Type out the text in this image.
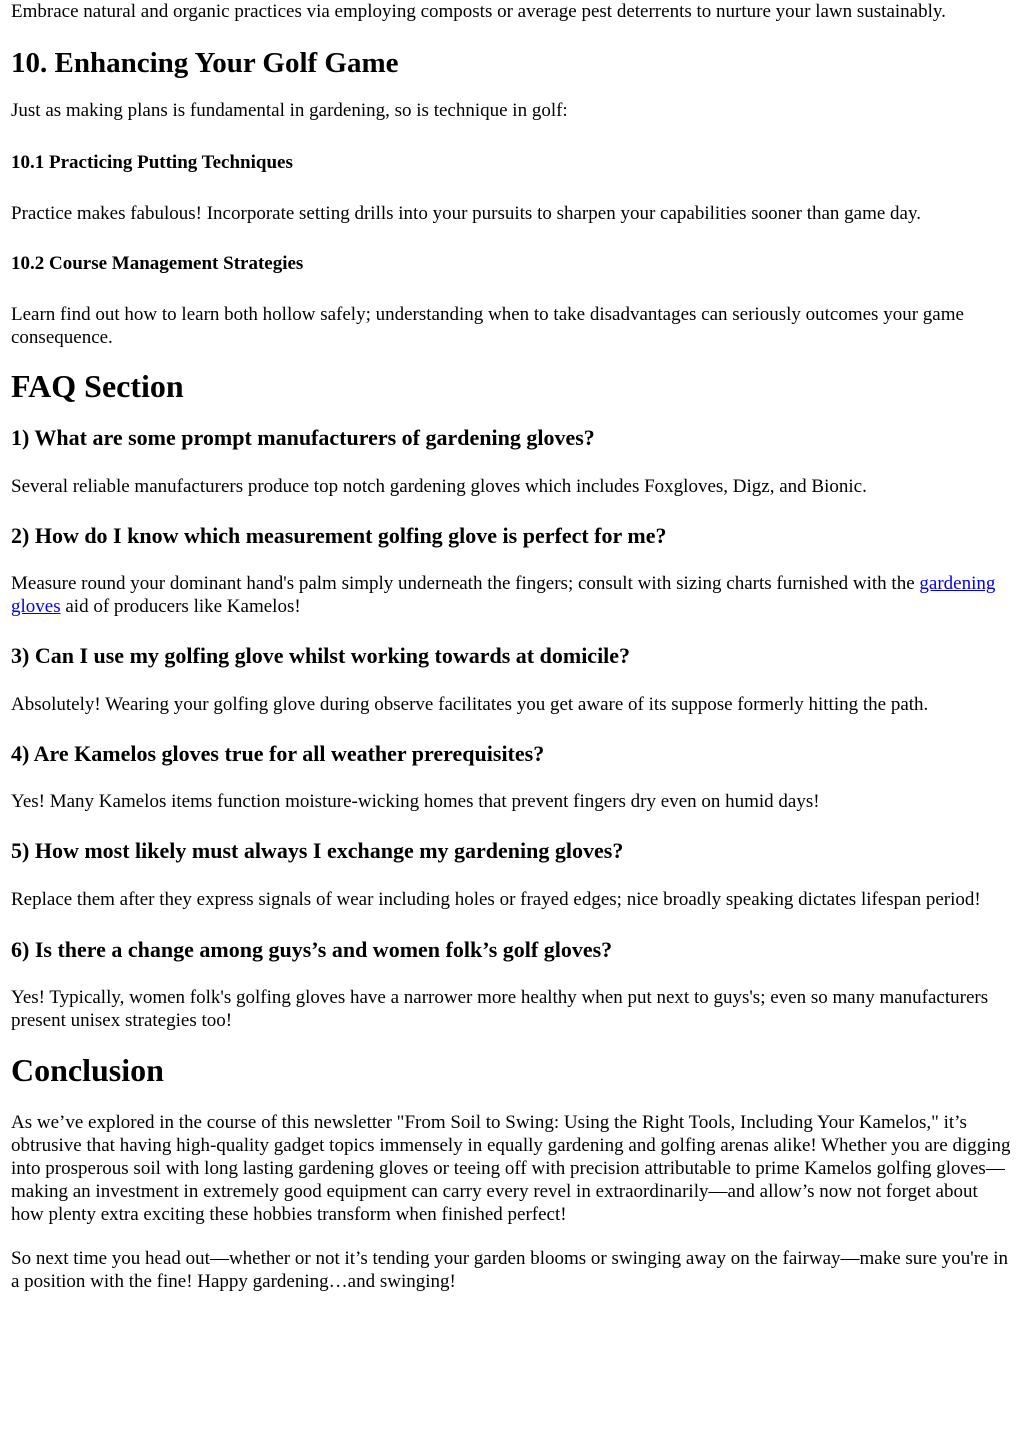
Embrace natural and organic practices via employing composts or average pest deterrents to nurture your lawn sustainably.

10. Enhancing Your Golf Game

Just as making plans is fundamental in gardening, so is technique in golf:

10.1 Practicing Putting Techniques

Practice makes fabulous! Incorporate setting drills into your pursuits to sharpen your capabilities sooner than game day.

10.2 Course Management Strategies

Learn find out how to learn both hollow safely; understanding when to take disadvantages can seriously outcomes your game consequence.

FAQ Section
1) What are some prompt manufacturers of gardening gloves?

Several reliable manufacturers produce top notch gardening gloves which includes Foxgloves, Digz, and Bionic.

2) How do I know which measurement golfing glove is perfect for me?

Measure round your dominant hand's palm simply underneath the fingers; consult with sizing charts furnished with the gardening gloves aid of producers like Kamelos!

3) Can I use my golfing glove whilst working towards at domicile?

Absolutely! Wearing your golfing glove during observe facilitates you get aware of its suppose formerly hitting the path.

4) Are Kamelos gloves true for all weather prerequisites?

Yes! Many Kamelos items function moisture-wicking homes that prevent fingers dry even on humid days!

5) How most likely must always I exchange my gardening gloves?

Replace them after they express signals of wear including holes or frayed edges; nice broadly speaking dictates lifespan period!

6) Is there a change among guys’s and women folk’s golf gloves?

Yes! Typically, women folk's golfing gloves have a narrower more healthy when put next to guys's; even so many manufacturers present unisex strategies too!

Conclusion

As we’ve explored in the course of this newsletter "From Soil to Swing: Using the Right Tools, Including Your Kamelos," it’s obtrusive that having high-quality gadget topics immensely in equally gardening and golfing arenas alike! Whether you are digging into prosperous soil with long lasting gardening gloves or teeing off with precision attributable to prime Kamelos golfing gloves—making an investment in extremely good equipment can carry every revel in extraordinarily—and allow’s now not forget about how plenty extra exciting these hobbies transform when finished perfect!

So next time you head out—whether or not it’s tending your garden blooms or swinging away on the fairway—make sure you're in a position with the fine! Happy gardening…and swinging!
